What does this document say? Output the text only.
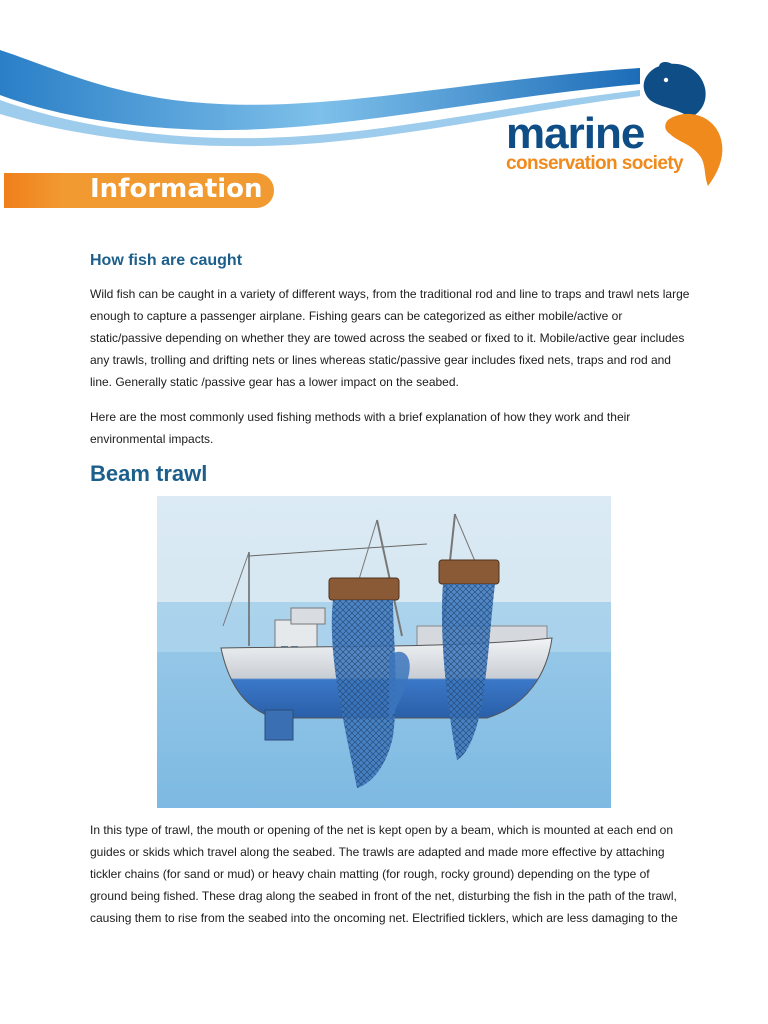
marine
conservation society
Information
How fish are caught

Wild fish can be caught in a variety of different ways, from the traditional rod and line to traps and trawl nets large enough to capture a passenger airplane. Fishing gears can be categorized as either mobile/active or static/passive depending on whether they are towed across the seabed or fixed to it. Mobile/active gear includes any trawls, trolling and drifting nets or lines whereas static/passive gear includes fixed nets, traps and rod and line. Generally static /passive gear has a lower impact on the seabed.

Here are the most commonly used fishing methods with a brief explanation of how they work and their environmental impacts.

Beam trawl

In this type of trawl, the mouth or opening of the net is kept open by a beam, which is mounted at each end on guides or skids which travel along the seabed. The trawls are adapted and made more effective by attaching tickler chains (for sand or mud) or heavy chain matting (for rough, rocky ground) depending on the type of ground being fished. These drag along the seabed in front of the net, disturbing the fish in the path of the trawl, causing them to rise from the seabed into the oncoming net. Electrified ticklers, which are less damaging to the
